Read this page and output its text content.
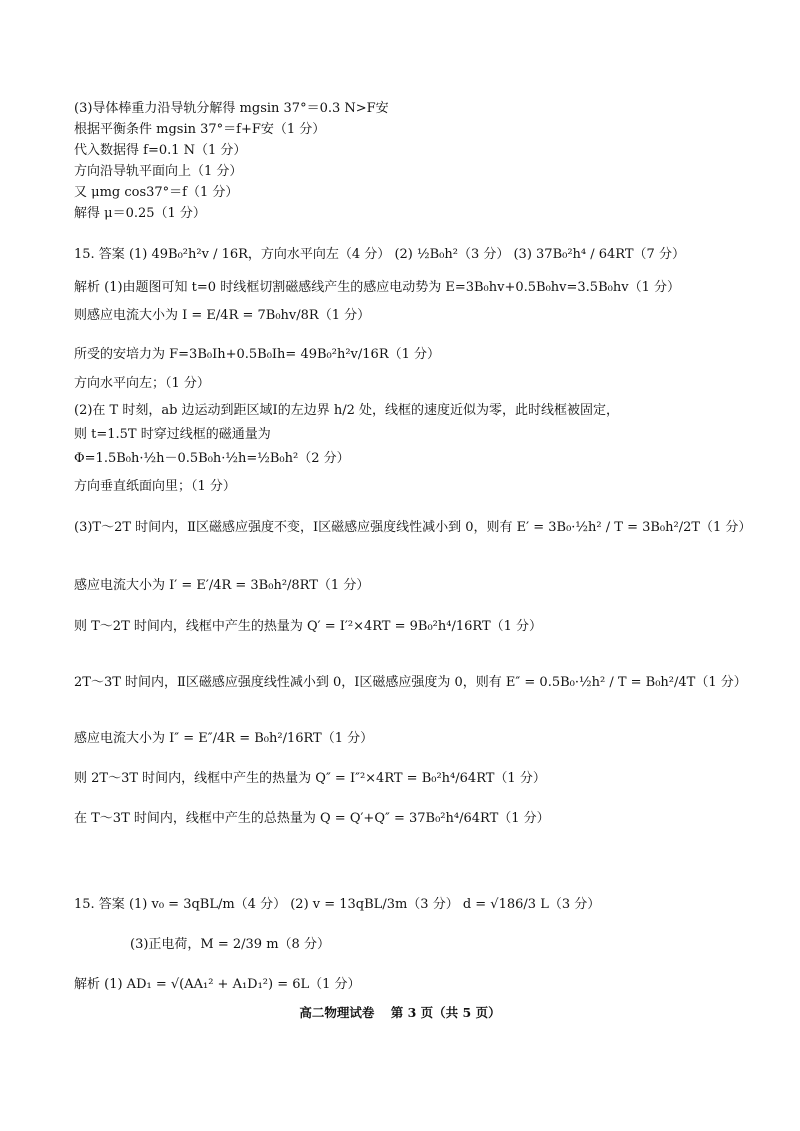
(3)导体棒重力沿导轨分解得 mgsin 37°＝0.3 N>F安
根据平衡条件 mgsin 37°＝f+F安（1 分）
代入数据得 f=0.1 N（1 分）
方向沿导轨平面向上（1 分）
又 μmg cos37°＝f（1 分）
解得 μ＝0.25（1 分）
15. 答案 (1) 49B₀²h²v / 16R，方向水平向左（4 分） (2) ½B₀h²（3 分） (3) 37B₀²h⁴ / 64RT（7 分）
解析 (1)由题图可知 t=0 时线框切割磁感线产生的感应电动势为 E=3B₀hv+0.5B₀hv=3.5B₀hv（1 分）
则感应电流大小为 I = E/4R = 7B₀hv/8R（1 分）
所受的安培力为 F=3B₀Ih+0.5B₀Ih= 49B₀²h²v/16R（1 分）
方向水平向左；（1 分）
(2)在 T 时刻，ab 边运动到距区域Ⅰ的左边界 h/2 处，线框的速度近似为零，此时线框被固定，
则 t=1.5T 时穿过线框的磁通量为
Φ=1.5B₀h·½h－0.5B₀h·½h=½B₀h²（2 分）
方向垂直纸面向里；（1 分）
(3)T～2T 时间内，Ⅱ区磁感应强度不变，Ⅰ区磁感应强度线性减小到 0，则有 E′ = 3B₀·½h² / T = 3B₀h²/2T（1 分）
感应电流大小为 I′ = E′/4R = 3B₀h²/8RT（1 分）
则 T～2T 时间内，线框中产生的热量为 Q′ = I′²×4RT = 9B₀²h⁴/16RT（1 分）
2T～3T 时间内，Ⅱ区磁感应强度线性减小到 0，Ⅰ区磁感应强度为 0，则有 E″ = 0.5B₀·½h² / T = B₀h²/4T（1 分）
感应电流大小为 I″ = E″/4R = B₀h²/16RT（1 分）
则 2T～3T 时间内，线框中产生的热量为 Q″ = I″²×4RT = B₀²h⁴/64RT（1 分）
在 T～3T 时间内，线框中产生的总热量为 Q = Q′+Q″ = 37B₀²h⁴/64RT（1 分）
15. 答案 (1) v₀ = 3qBL/m（4 分） (2) v = 13qBL/3m（3 分） d = √186/3 L（3 分）
(3)正电荷，M = 2/39 m（8 分）
解析 (1) AD₁ = √(AA₁² + A₁D₁²) = 6L（1 分）
高二物理试卷 第 3 页（共 5 页）
